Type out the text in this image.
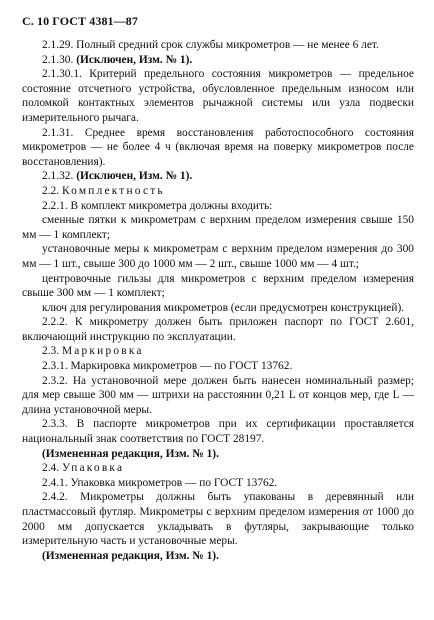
С. 10 ГОСТ 4381—87

2.1.29. Полный средний срок службы микрометров — не менее 6 лет.

2.1.30. (Исключен, Изм. № 1).

2.1.30.1. Критерий предельного состояния микрометров — предельное состояние отсчетного устройства, обусловленное предельным износом или поломкой контактных элементов рычажной системы или узла подвески измерительного рычага.

2.1.31. Среднее время восстановления работоспособного состояния микрометров — не более 4 ч (включая время на поверку микрометров после восстановления).

2.1.32. (Исключен, Изм. № 1).

2.2. Комплектность

2.2.1. В комплект микрометра должны входить:

сменные пятки к микрометрам с верхним пределом измерения свыше 150 мм — 1 комплект;

установочные меры к микрометрам с верхним пределом измерения до 300 мм — 1 шт., свыше 300 до 1000 мм — 2 шт., свыше 1000 мм — 4 шт.;

центровочные гильзы для микрометров с верхним пределом измерения свыше 300 мм — 1 комплект;

ключ для регулирования микрометров (если предусмотрен конструкцией).

2.2.2. К микрометру должен быть приложен паспорт по ГОСТ 2.601, включающий инструкцию по эксплуатации.

2.3. Маркировка

2.3.1. Маркировка микрометров — по ГОСТ 13762.

2.3.2. На установочной мере должен быть нанесен номинальный размер; для мер свыше 300 мм — штрихи на расстоянии 0,21 L от концов мер, где L — длина установочной меры.

2.3.3. В паспорте микрометров при их сертификации проставляется национальный знак соответствия по ГОСТ 28197.

(Измененная редакция, Изм. № 1).

2.4. Упаковка

2.4.1. Упаковка микрометров — по ГОСТ 13762.

2.4.2. Микрометры должны быть упакованы в деревянный или пластмассовый футляр. Микрометры с верхним пределом измерения от 1000 до 2000 мм допускается укладывать в футляры, закрывающие только измерительную часть и установочные меры.

(Измененная редакция, Изм. № 1).
